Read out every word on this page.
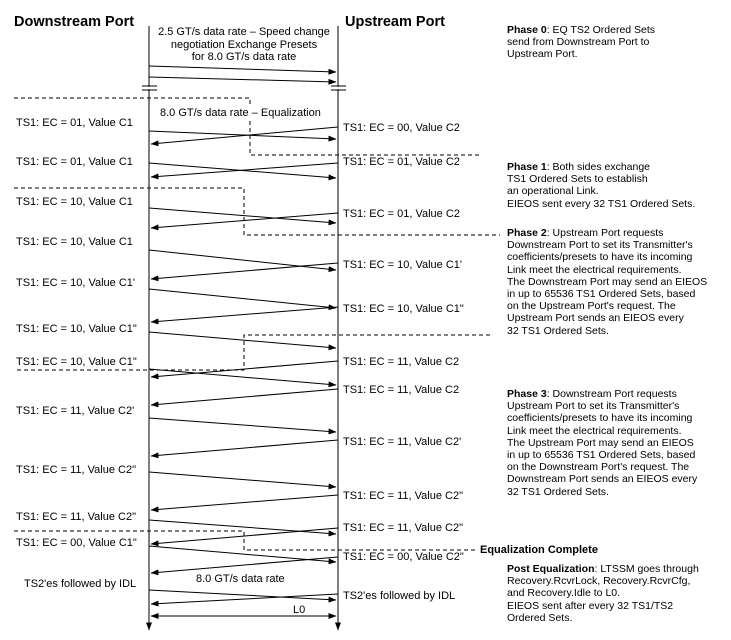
Downstream Port	Upstream Port
2.5 GT/s data rate – Speed change
negotiation Exchange Presets
for 8.0 GT/s data rate
8.0 GT/s data rate – Equalization
TS1: EC = 01, Value C1
TS1: EC = 01, Value C1
TS1: EC = 10, Value C1
TS1: EC = 10, Value C1
TS1: EC = 10, Value C1'
TS1: EC = 10, Value C1"
TS1: EC = 10, Value C1"
TS1: EC = 11, Value C2'
TS1: EC = 11, Value C2"
TS1: EC = 11, Value C2"
TS1: EC = 00, Value C1"
TS2'es followed by IDL
TS1: EC = 00, Value C2
TS1: EC = 01, Value C2
TS1: EC = 01, Value C2
TS1: EC = 10, Value C1'
TS1: EC = 10, Value C1"
TS1: EC = 11, Value C2
TS1: EC = 11, Value C2
TS1: EC = 11, Value C2'
TS1: EC = 11, Value C2"
TS1: EC = 11, Value C2"
TS1: EC = 00, Value C2"
TS2'es followed by IDL
8.0 GT/s data rate
L0
Phase 0: EQ TS2 Ordered Sets
send from Downstream Port to
Upstream Port.
Phase 1: Both sides exchange
TS1 Ordered Sets to establish
an operational Link.
EIEOS sent every 32 TS1 Ordered Sets.
Phase 2: Upstream Port requests
Downstream Port to set its Transmitter's
coefficients/presets to have its incoming
Link meet the electrical requirements.
The Downstream Port may send an EIEOS
in up to 65536 TS1 Ordered Sets, based
on the Upstream Port's request. The
Upstream Port sends an EIEOS every
32 TS1 Ordered Sets.
Phase 3: Downstream Port requests
Upstream Port to set its Transmitter's
coefficients/presets to have its incoming
Link meet the electrical requirements.
The Upstream Port may send an EIEOS
in up to 65536 TS1 Ordered Sets, based
on the Downstream Port's request. The
Downstream Port sends an EIEOS every
32 TS1 Ordered Sets.
Equalization Complete
Post Equalization: LTSSM goes through
Recovery.RcvrLock, Recovery.RcvrCfg,
and Recovery.Idle to L0.
EIEOS sent after every 32 TS1/TS2
Ordered Sets.
